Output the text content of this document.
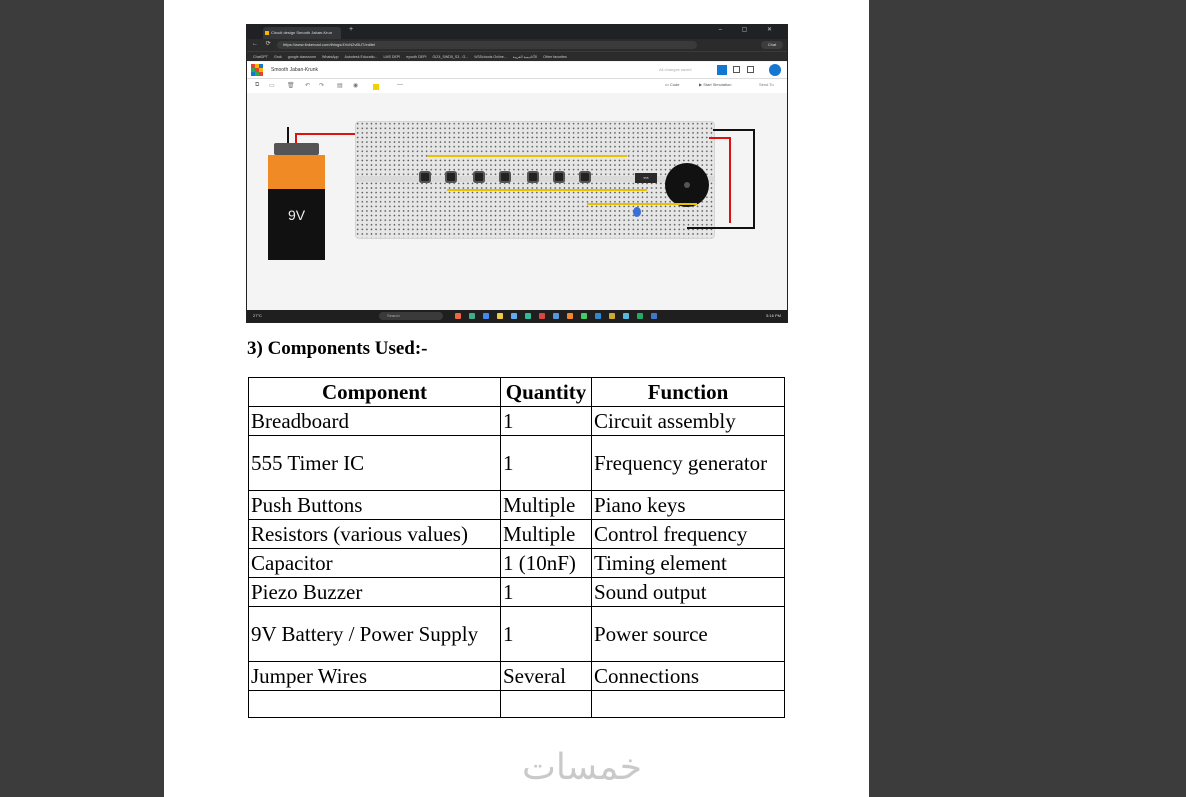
Circuit design Smooth Jaban-Krun	+	– ▢ ✕
← ⟳	https://www.tinkercad.com/things/4VcN2vBUT/editel	Chat
ChatGPT Grok google classroom WhatsApp Autodesk Educatio... LMS DEPI eyouth DEPI GIZ4_SWD5_S3 - G... W3Schools Online... الأكاديمية العربية Other favorites
Smooth Jaban-Krunk	All changes saved
⧉ ▭ 🗑 ↶ ↷ ▤ ◉	—	▭ Code	▶ Start Simulation	Send To
555
9V
27°C	Search	5:16 PM
3) Components Used:-
Component	Quantity	Function
Breadboard	1	Circuit assembly
555 Timer IC	1	Frequency generator
Push Buttons	Multiple	Piano keys
Resistors (various values)	Multiple	Control frequency
Capacitor	1 (10nF)	Timing element
Piezo Buzzer	1	Sound output
9V Battery / Power Supply	1	Power source
Jumper Wires	Several	Connections

خمسات
